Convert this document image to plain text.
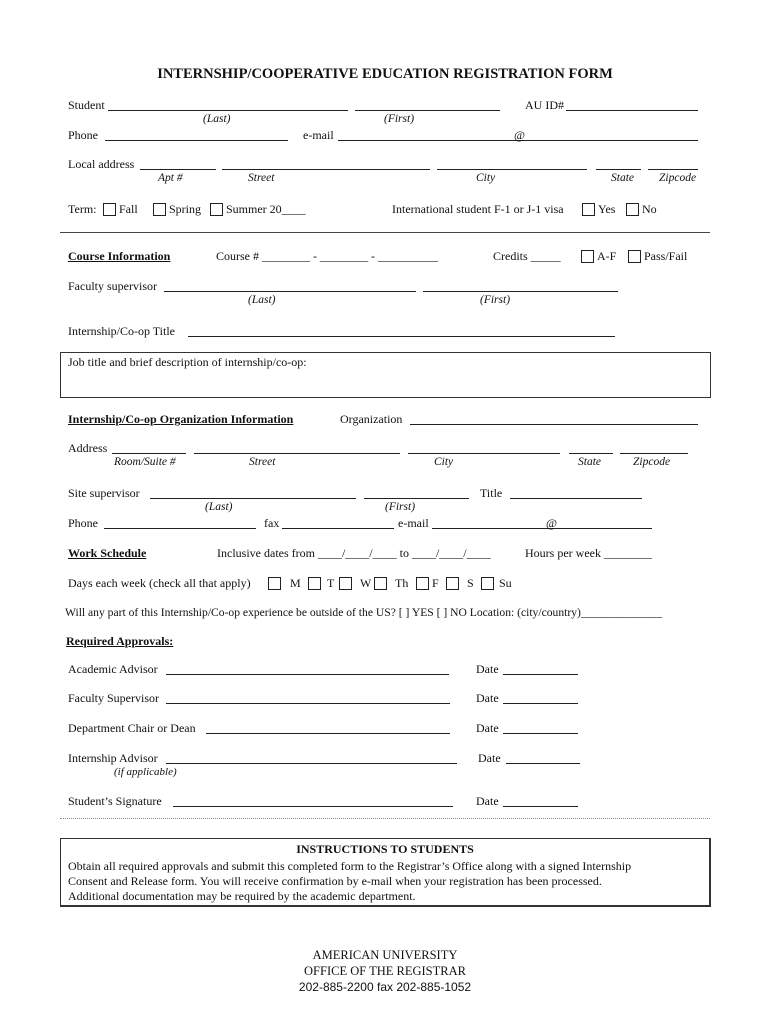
INTERNSHIP/COOPERATIVE EDUCATION REGISTRATION FORM
Student	AU ID#
(Last)	(First)
Phone	e-mail	@
Local address
Apt #	Street	City	State Zipcode
Term: Fall	Spring Summer 20____	International student F-1 or J-1 visa	Yes No
Course Information	Course # ________ - ________ - __________	Credits _____	A-F Pass/Fail
Faculty supervisor
(Last)	(First)
Internship/Co-op Title
Job title and brief description of internship/co-op:
Internship/Co-op Organization Information	Organization
Address
Room/Suite #	Street	City	State	Zipcode
Site supervisor	Title
(Last)	(First)
Phone	fax	e-mail	@
Work Schedule	Inclusive dates from ____/____/____ to ____/____/____	Hours per week ________
Days each week (check all that apply)	M T W Th F S Su
Will any part of this Internship/Co-op experience be outside of the US? [ ] YES [ ] NO Location: (city/country)______________
Required Approvals:
Academic Advisor	Date
Faculty Supervisor	Date
Department Chair or Dean	Date
Internship Advisor	Date
(if applicable)
Student’s Signature	Date
INSTRUCTIONS TO STUDENTS
Obtain all required approvals and submit this completed form to the Registrar’s Office along with a signed Internship
Consent and Release form. You will receive confirmation by e-mail when your registration has been processed.
Additional documentation may be required by the academic department.
AMERICAN UNIVERSITY
OFFICE OF THE REGISTRAR
202-885-2200 fax 202-885-1052
